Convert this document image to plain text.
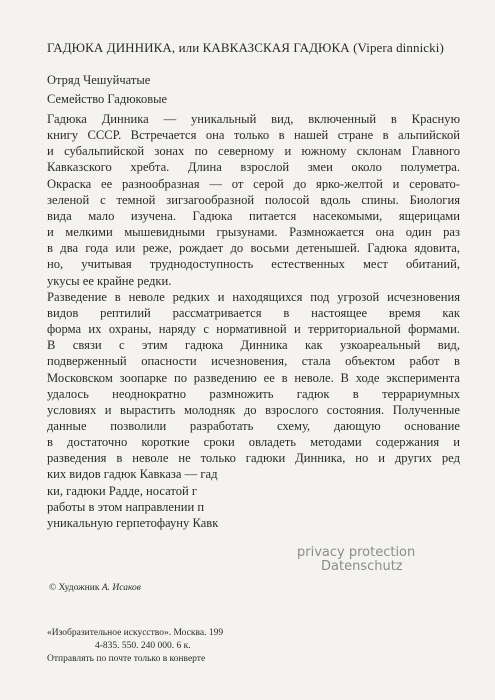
ГАДЮКА ДИННИКА, или КАВКАЗСКАЯ ГАДЮКА (Vipera dinnicki)
Отряд Чешуйчатые
Семейство Гадюковые
Гадюка Динника — уникальный вид, включенный в Красную
книгу СССР. Встречается она только в нашей стране в альпийской
и субальпийской зонах по северному и южному склонам Главного
Кавказского хребта. Длина взрослой змеи около полуметра.
Окраска ее разнообразная — от серой до ярко-желтой и серовато-
зеленой с темной зигзагообразной полосой вдоль спины. Биология
вида мало изучена. Гадюка питается насекомыми, ящерицами
и мелкими мышевидными грызунами. Размножается она один раз
в два года или реже, рождает до восьми детенышей. Гадюка ядовита,
но, учитывая труднодоступность естественных мест обитаний,
укусы ее крайне редки.
Разведение в неволе редких и находящихся под угрозой исчезновения
видов рептилий рассматривается в настоящее время как
форма их охраны, наряду с нормативной и территориальной формами.
В связи с этим гадюка Динника как узкоареальный вид,
подверженный опасности исчезновения, стала объектом работ в
Московском зоопарке по разведению ее в неволе. В ходе эксперимента
удалось неоднократно размножить гадюк в террариумных
условиях и вырастить молодняк до взрослого состояния. Полученные
данные позволили разработать схему, дающую основание
в достаточно короткие сроки овладеть методами содержания и
разведения в неволе не только гадюки Динника, но и других ред
ких видов гадюк Кавказа — гад
ки, гадюки Радде, носатой г
работы в этом направлении п
уникальную герпетофауну Кавк
privacy protection
Datenschutz
© Художник А. Исаков
«Изобразительное искусство». Москва. 199
4-835. 550. 240 000. 6 к.
Отправлять по почте только в конверте
